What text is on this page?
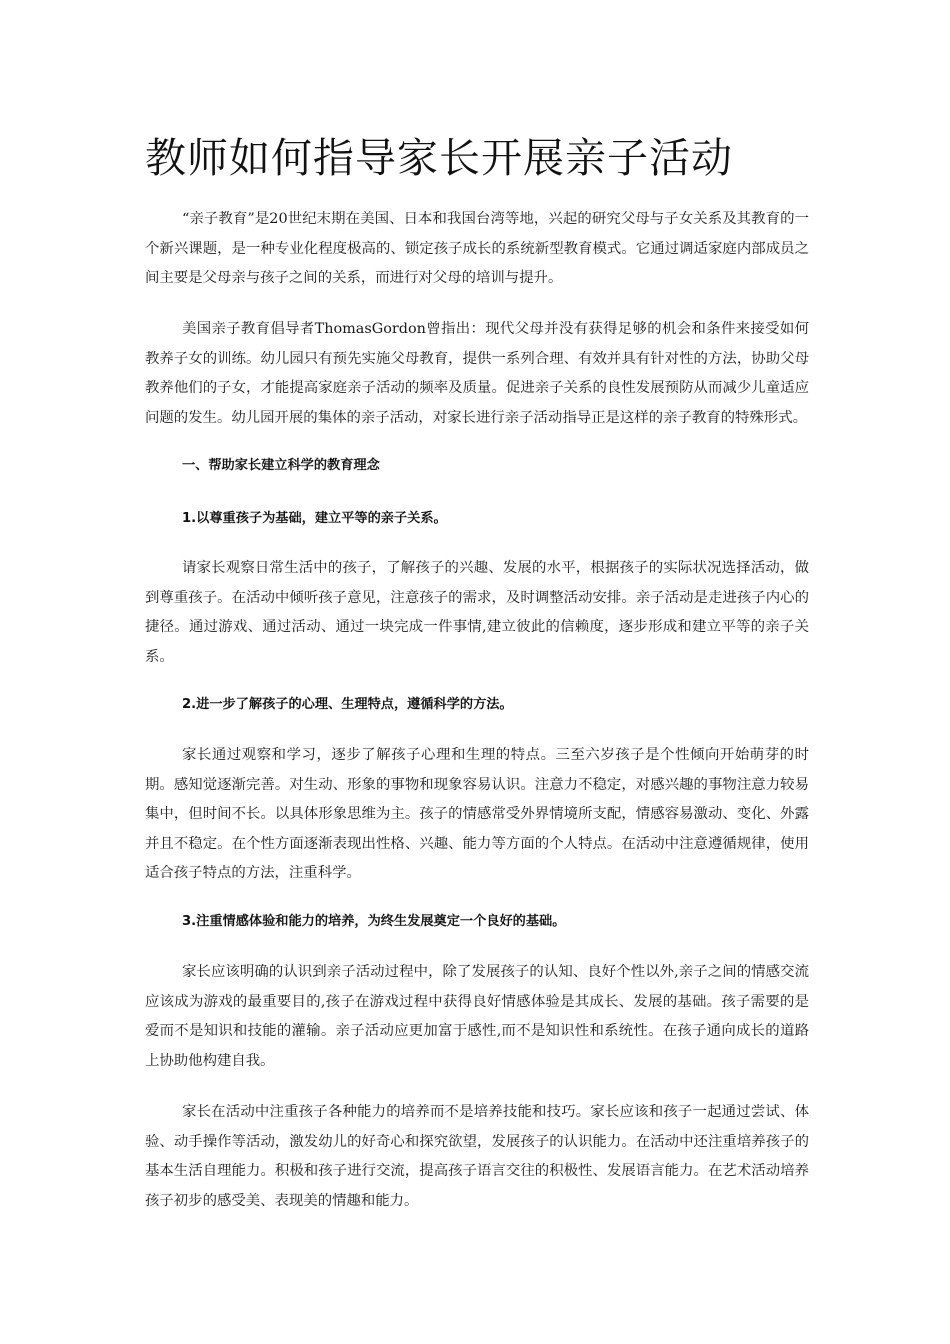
教师如何指导家长开展亲子活动

“亲子教育”是20世纪末期在美国、日本和我国台湾等地，兴起的研究父母与子女关系及其教育的一个新兴课题，是一种专业化程度极高的、锁定孩子成长的系统新型教育模式。它通过调适家庭内部成员之间主要是父母亲与孩子之间的关系，而进行对父母的培训与提升。

美国亲子教育倡导者ThomasGordon曾指出：现代父母并没有获得足够的机会和条件来接受如何教养子女的训练。幼儿园只有预先实施父母教育，提供一系列合理、有效并具有针对性的方法，协助父母教养他们的子女，才能提高家庭亲子活动的频率及质量。促进亲子关系的良性发展预防从而减少儿童适应问题的发生。幼儿园开展的集体的亲子活动，对家长进行亲子活动指导正是这样的亲子教育的特殊形式。

一、帮助家长建立科学的教育理念
1.以尊重孩子为基础，建立平等的亲子关系。

请家长观察日常生活中的孩子，了解孩子的兴趣、发展的水平，根据孩子的实际状况选择活动，做到尊重孩子。在活动中倾听孩子意见，注意孩子的需求，及时调整活动安排。亲子活动是走进孩子内心的捷径。通过游戏、通过活动、通过一块完成一件事情,建立彼此的信赖度，逐步形成和建立平等的亲子关系。

2.进一步了解孩子的心理、生理特点，遵循科学的方法。

家长通过观察和学习，逐步了解孩子心理和生理的特点。三至六岁孩子是个性倾向开始萌芽的时期。感知觉逐渐完善。对生动、形象的事物和现象容易认识。注意力不稳定，对感兴趣的事物注意力较易集中，但时间不长。以具体形象思维为主。孩子的情感常受外界情境所支配，情感容易激动、变化、外露并且不稳定。在个性方面逐渐表现出性格、兴趣、能力等方面的个人特点。在活动中注意遵循规律，使用适合孩子特点的方法，注重科学。

3.注重情感体验和能力的培养，为终生发展奠定一个良好的基础。

家长应该明确的认识到亲子活动过程中，除了发展孩子的认知、良好个性以外,亲子之间的情感交流应该成为游戏的最重要目的,孩子在游戏过程中获得良好情感体验是其成长、发展的基础。孩子需要的是爱而不是知识和技能的灌输。亲子活动应更加富于感性,而不是知识性和系统性。在孩子通向成长的道路上协助他构建自我。

家长在活动中注重孩子各种能力的培养而不是培养技能和技巧。家长应该和孩子一起通过尝试、体验、动手操作等活动，激发幼儿的好奇心和探究欲望，发展孩子的认识能力。在活动中还注重培养孩子的基本生活自理能力。积极和孩子进行交流，提高孩子语言交往的积极性、发展语言能力。在艺术活动培养孩子初步的感受美、表现美的情趣和能力。
